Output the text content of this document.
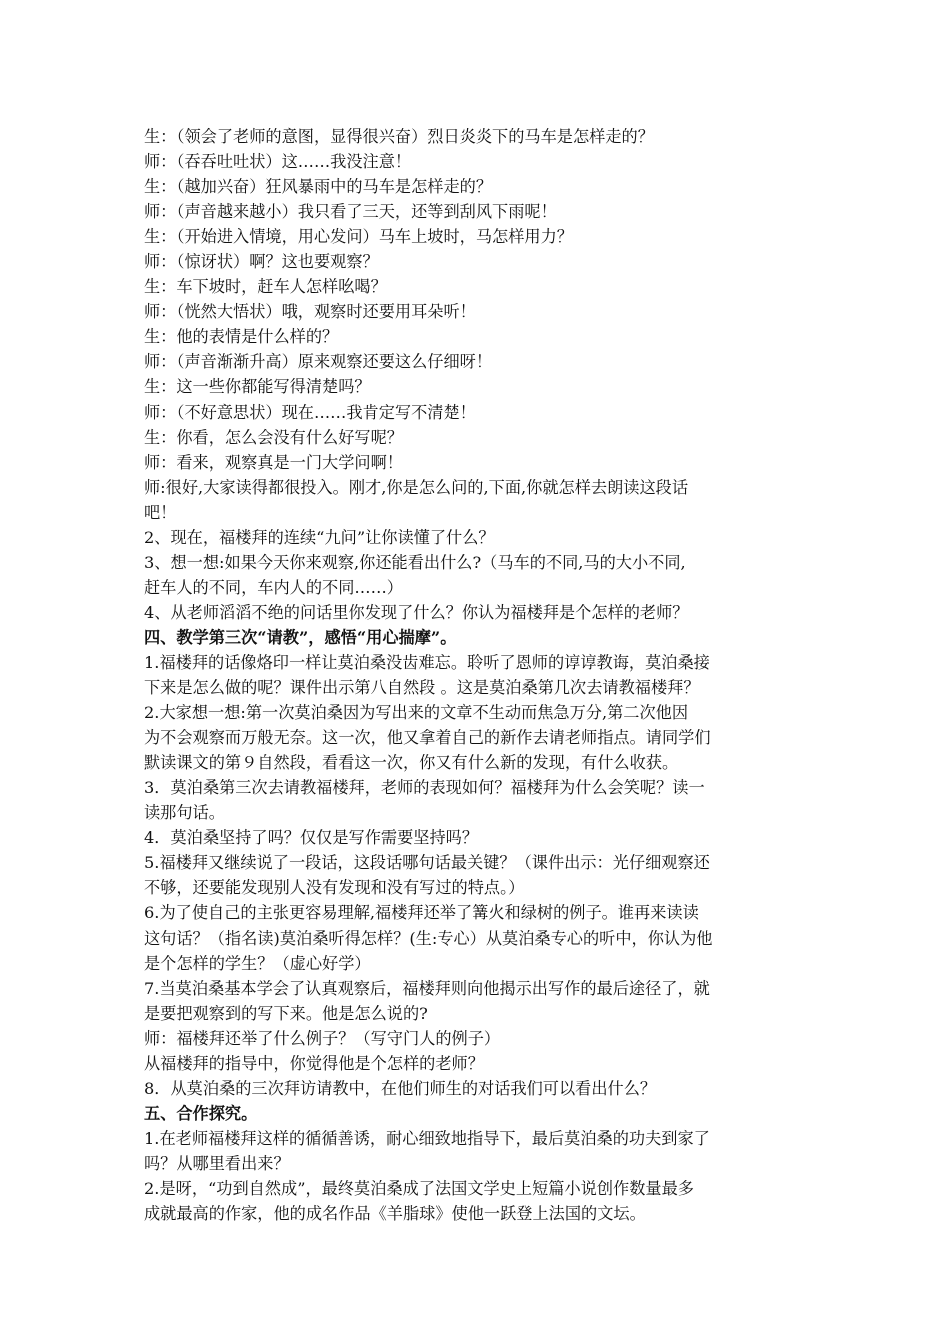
生：（领会了老师的意图，显得很兴奋）烈日炎炎下的马车是怎样走的？
师：（吞吞吐吐状）这……我没注意！
生：（越加兴奋）狂风暴雨中的马车是怎样走的？
师：（声音越来越小）我只看了三天，还等到刮风下雨呢！
生：（开始进入情境，用心发问）马车上坡时，马怎样用力？
师：（惊讶状）啊？这也要观察？
生：车下坡时，赶车人怎样吆喝？
师：（恍然大悟状）哦，观察时还要用耳朵听！
生：他的表情是什么样的？
师：（声音渐渐升高）原来观察还要这么仔细呀！
生：这一些你都能写得清楚吗？
师：（不好意思状）现在……我肯定写不清楚！
生：你看，怎么会没有什么好写呢？
师：看来，观察真是一门大学问啊！
师:很好,大家读得都很投入。刚才,你是怎么问的,下面,你就怎样去朗读这段话
吧！
2、现在，福楼拜的连续“九问”让你读懂了什么？
3、想一想:如果今天你来观察,你还能看出什么?（马车的不同,马的大小不同,
赶车人的不同，车内人的不同……）
4、从老师滔滔不绝的问话里你发现了什么？你认为福楼拜是个怎样的老师？
四、教学第三次“请教”，感悟“用心揣摩”。
1.福楼拜的话像烙印一样让莫泊桑没齿难忘。聆听了恩师的谆谆教诲，莫泊桑接
下来是怎么做的呢？课件出示第八自然段 。这是莫泊桑第几次去请教福楼拜？
2.大家想一想:第一次莫泊桑因为写出来的文章不生动而焦急万分,第二次他因
为不会观察而万般无奈。这一次，他又拿着自己的新作去请老师指点。请同学们
默读课文的第９自然段，看看这一次，你又有什么新的发现，有什么收获。
3．莫泊桑第三次去请教福楼拜，老师的表现如何？福楼拜为什么会笑呢？读一
读那句话。
4．莫泊桑坚持了吗？仅仅是写作需要坚持吗？
5.福楼拜又继续说了一段话，这段话哪句话最关键？（课件出示：光仔细观察还
不够，还要能发现别人没有发现和没有写过的特点。）
6.为了使自己的主张更容易理解,福楼拜还举了篝火和绿树的例子。谁再来读读
这句话？（指名读)莫泊桑听得怎样？(生:专心）从莫泊桑专心的听中，你认为他
是个怎样的学生？（虚心好学）
7.当莫泊桑基本学会了认真观察后，福楼拜则向他揭示出写作的最后途径了，就
是要把观察到的写下来。他是怎么说的?
师：福楼拜还举了什么例子？（写守门人的例子）
从福楼拜的指导中，你觉得他是个怎样的老师？
8．从莫泊桑的三次拜访请教中，在他们师生的对话我们可以看出什么？
五、合作探究。
1.在老师福楼拜这样的循循善诱，耐心细致地指导下，最后莫泊桑的功夫到家了
吗？从哪里看出来？
2.是呀，“功到自然成”，最终莫泊桑成了法国文学史上短篇小说创作数量最多
成就最高的作家，他的成名作品《羊脂球》使他一跃登上法国的文坛。
